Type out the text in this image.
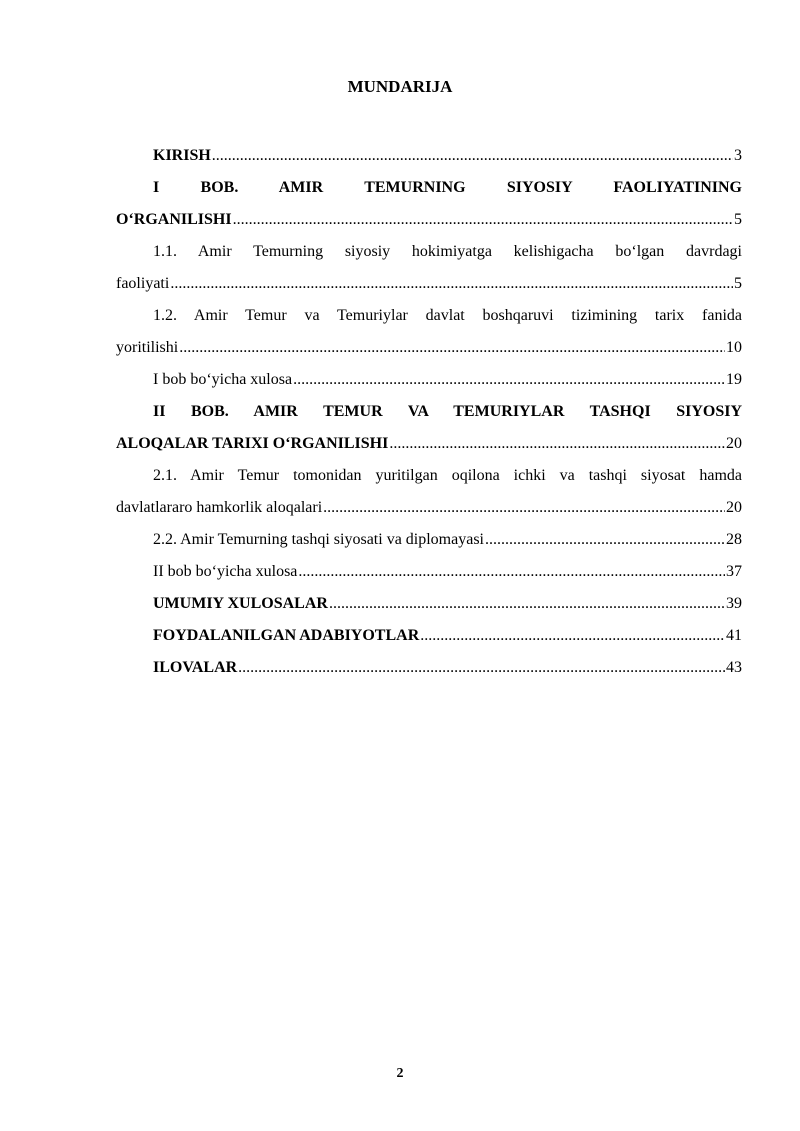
MUNDARIJA
KIRISH .....	3
I BOB. AMIR TEMURNING SIYOSIY FAOLIYATINING
O‘RGANILISHI .....	5
1.1. Amir Temurning siyosiy hokimiyatga kelishigacha bo‘lgan davrdagi
faoliyati .....	5
1.2. Amir Temur va Temuriylar davlat boshqaruvi tizimining tarix fanida
yoritilishi .....	10
I bob bo‘yicha xulosa .....	19
II BOB. AMIR TEMUR VA TEMURIYLAR TASHQI SIYOSIY
ALOQALAR TARIXI O‘RGANILISHI .....	20
2.1. Amir Temur tomonidan yuritilgan oqilona ichki va tashqi siyosat hamda
davlatlararo hamkorlik aloqalari .....	20
2.2. Amir Temurning tashqi siyosati va diplomayasi .....	28
II bob bo‘yicha xulosa .....	37
UMUMIY XULOSALAR .....	39
FOYDALANILGAN ADABIYOTLAR .....	41
ILOVALAR .....	43
2
